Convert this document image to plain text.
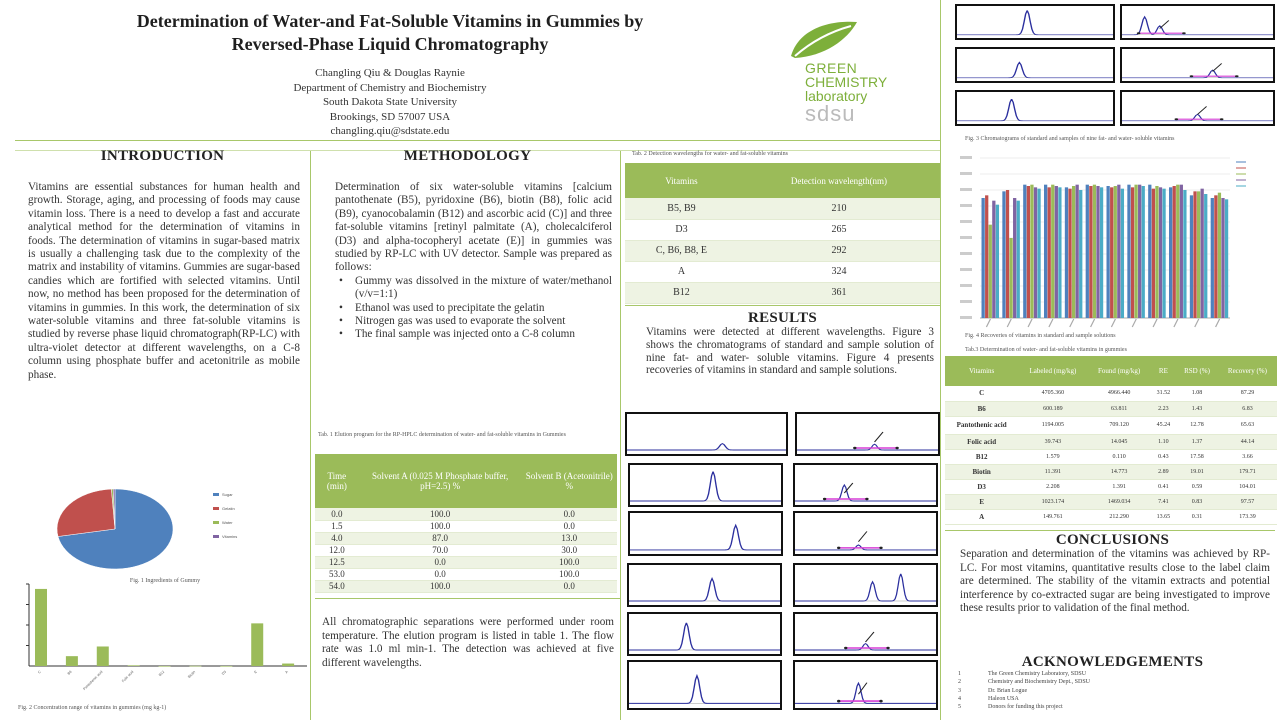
Determination of Water-and Fat-Soluble Vitamins in Gummies by
Reversed-Phase Liquid Chromatography
Changling Qiu & Douglas Raynie
Department of Chemistry and Biochemistry
South Dakota State University
Brookings, SD 57007 USA
changling.qiu@sdstate.edu
GREEN
CHEMISTRY
laboratory
sdsu
INTRODUCTION
Vitamins are essential substances for human health and growth. Storage, aging, and processing of foods may cause vitamin loss. There is a need to develop a fast and accurate analytical method for the determination of vitamins in foods. The determination of vitamins in sugar-based matrix is usually a challenging task due to the complexity of the matrix and instability of vitamins. Gummies are sugar-based candies which are fortified with selected vitamins. Until now, no method has been proposed for the determination of vitamins in gummies. In this work, the determination of six water-soluble vitamins and three fat-soluble vitamins is studied by reverse phase liquid chromatograph(RP-LC) with ultra-violet detector at different wavelengths, on a C-8 column using phosphate buffer and acetonitrile as mobile phase.
Sugar
Gelatin
Water
Vitamins
Fig. 1 Ingredients of Gummy
C	B6	Pantothenic acid	Folic acid	B12	Biotin	D3	E	A
Fig. 2 Concentration range of vitamins in gummies (mg kg-1)
METHODOLOGY
Determination of six water-soluble vitamins [calcium pantothenate (B5), pyridoxine (B6), biotin (B8), folic acid (B9), cyanocobalamin (B12) and ascorbic acid (C)] and three fat-soluble vitamins [retinyl palmitate (A), cholecalciferol (D3) and alpha-tocopheryl acetate (E)] in gummies was studied by RP-LC with UV detector. Sample was prepared as follows:
• Gummy was dissolved in the mixture of water/methanol (v/v=1:1)
• Ethanol was used to precipitate the gelatin
• Nitrogen gas was used to evaporate the solvent
• The final sample was injected onto a C-8 column
Tab. 1 Elution program for the RP-HPLC determination of water- and fat-soluble vitamins in Gummies
Time (min)	Solvent A (0.025 M Phosphate buffer, pH=2.5) %	Solvent B (Acetonitrile) %
0.0	100.0	0.0
1.5	100.0	0.0
4.0	87.0	13.0
12.0	70.0	30.0
12.5	0.0	100.0
53.0	0.0	100.0
54.0	100.0	0.0
All chromatographic separations were performed under room temperature. The elution program is listed in table 1. The flow rate was 1.0 ml min-1. The detection was achieved at five different wavelengths.
Tab. 2 Detection wavelengths for water- and fat-soluble vitamins
Vitamins	Detection wavelength(nm)
B5, B9	210
D3	265
C, B6, B8, E	292
A	324
B12	361
RESULTS
Vitamins were detected at different wavelengths. Figure 3 shows the chromatograms of standard and sample solution of nine fat- and water- soluble vitamins. Figure 4 presents recoveries of vitamins in standard and sample solutions.
Fig. 3 Chromatograms of standard and samples of nine fat- and water- soluble vitamins
Fig. 4 Recoveries of vitamins in standard and sample solutions
Tab.3 Determination of water- and fat-soluble vitamins in gummies
Vitamins	Labeled (mg/kg)	Found (mg/kg)	RE	RSD (%)	Recovery (%)
C	4705.360	4966.440	31.52	1.08	87.29
B6	600.189	63.811	2.23	1.43	6.83
Pantothenic acid	1194.005	709.120	45.24	12.78	65.63
Folic acid	39.743	14.045	1.10	1.37	44.14
B12	1.579	0.110	0.43	17.58	3.66
Biotin	11.391	14.773	2.89	19.01	179.71
D3	2.208	1.391	0.41	0.59	104.01
E	1023.174	1469.034	7.41	0.83	97.57
A	149.761	212.290	13.65	0.31	173.39
CONCLUSIONS
Separation and determination of the vitamins was achieved by RP-LC. For most vitamins, quantitative results close to the label claim are determined. The stability of the vitamin extracts and potential interference by co-extracted sugar are being investigated to improve these results prior to validation of the final method.
ACKNOWLEDGEMENTS
1	The Green Chemistry Laboratory, SDSU
2	Chemistry and Biochemistry Dept., SDSU
3	Dr. Brian Logue
4	Haleon USA
5	Donors for funding this project
